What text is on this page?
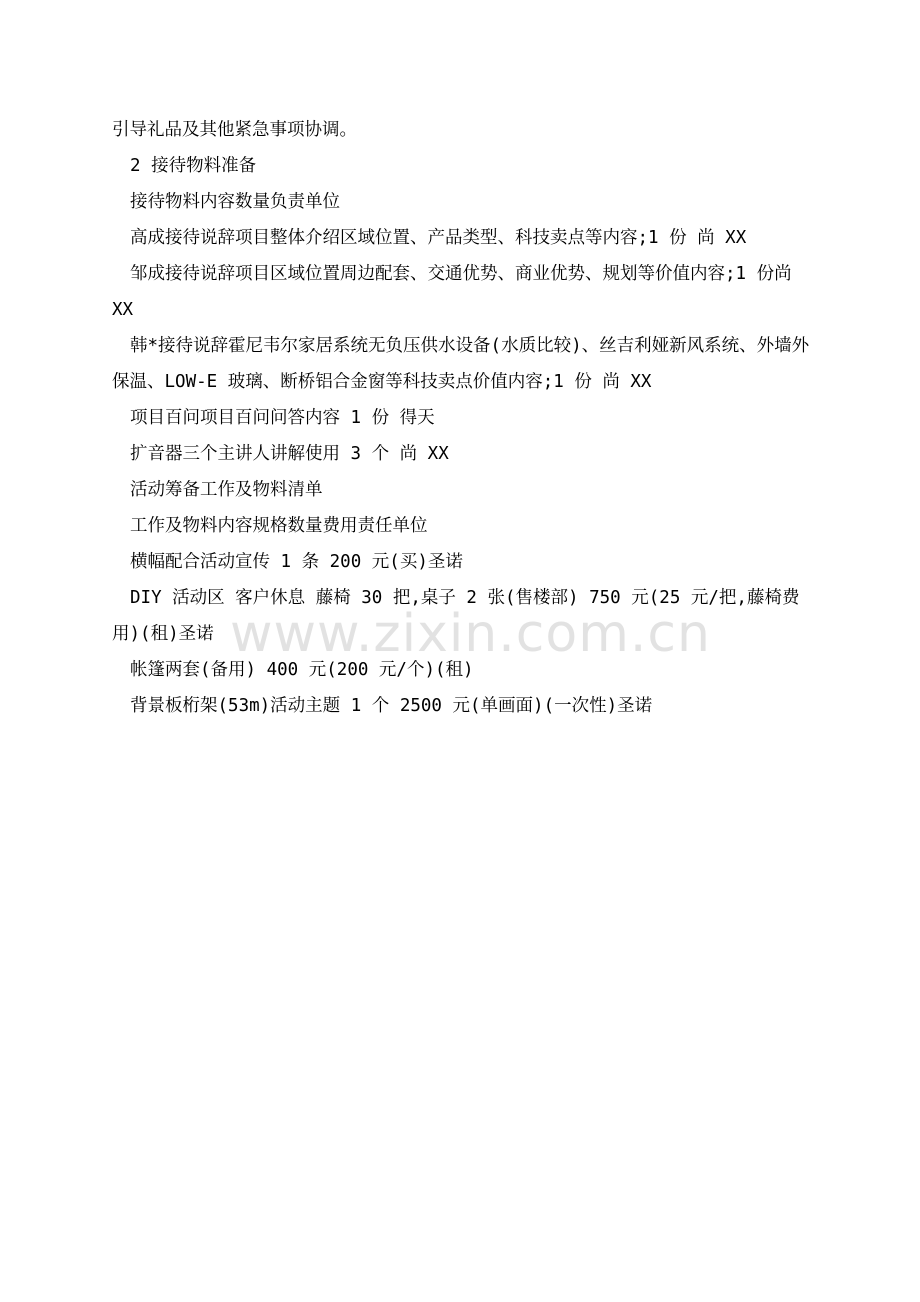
引导礼品及其他紧急事项协调。

2 接待物料准备

接待物料内容数量负责单位

高成接待说辞项目整体介绍区域位置、产品类型、科技卖点等内容;1 份 尚 XX

邹成接待说辞项目区域位置周边配套、交通优势、商业优势、规划等价值内容;1 份尚 XX

韩*接待说辞霍尼韦尔家居系统无负压供水设备(水质比较)、丝吉利娅新风系统、外墙外保温、LOW-E 玻璃、断桥铝合金窗等科技卖点价值内容;1 份 尚 XX

项目百问项目百问问答内容 1 份 得天

扩音器三个主讲人讲解使用 3 个 尚 XX

活动筹备工作及物料清单

工作及物料内容规格数量费用责任单位

横幅配合活动宣传 1 条 200 元(买)圣诺

DIY 活动区 客户休息 藤椅 30 把,桌子 2 张(售楼部) 750 元(25 元/把,藤椅费用)(租)圣诺

帐篷两套(备用) 400 元(200 元/个)(租)

背景板桁架(53m)活动主题 1 个 2500 元(单画面)(一次性)圣诺

www.zixin.com.cn
